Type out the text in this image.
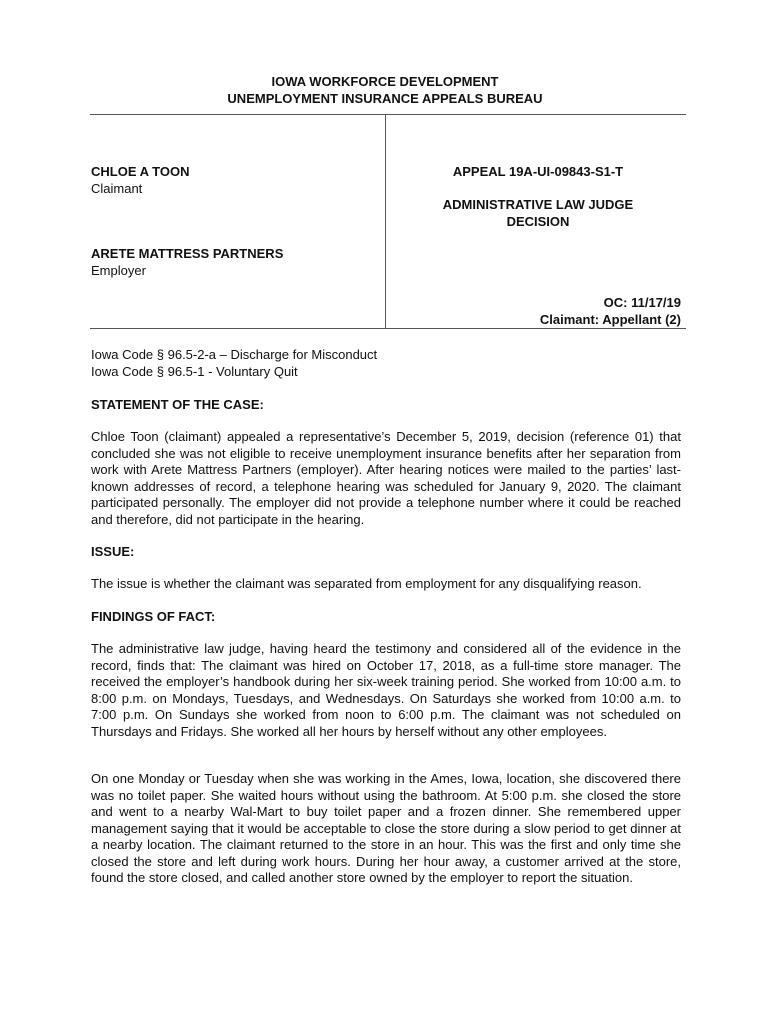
IOWA WORKFORCE DEVELOPMENT
UNEMPLOYMENT INSURANCE APPEALS BUREAU
CHLOE A TOON
Claimant
ARETE MATTRESS PARTNERS
Employer
APPEAL 19A-UI-09843-S1-T
ADMINISTRATIVE LAW JUDGE
DECISION
OC: 11/17/19
Claimant: Appellant (2)
Iowa Code § 96.5-2-a – Discharge for Misconduct
Iowa Code § 96.5-1 - Voluntary Quit
STATEMENT OF THE CASE:

Chloe Toon (claimant) appealed a representative’s December 5, 2019, decision (reference 01) that concluded she was not eligible to receive unemployment insurance benefits after her separation from work with Arete Mattress Partners (employer). After hearing notices were mailed to the parties’ last-known addresses of record, a telephone hearing was scheduled for January 9, 2020. The claimant participated personally. The employer did not provide a telephone number where it could be reached and therefore, did not participate in the hearing.

ISSUE:

The issue is whether the claimant was separated from employment for any disqualifying reason.

FINDINGS OF FACT:

The administrative law judge, having heard the testimony and considered all of the evidence in the record, finds that: The claimant was hired on October 17, 2018, as a full-time store manager. The received the employer’s handbook during her six-week training period. She worked from 10:00 a.m. to 8:00 p.m. on Mondays, Tuesdays, and Wednesdays. On Saturdays she worked from 10:00 a.m. to 7:00 p.m. On Sundays she worked from noon to 6:00 p.m. The claimant was not scheduled on Thursdays and Fridays. She worked all her hours by herself without any other employees.

On one Monday or Tuesday when she was working in the Ames, Iowa, location, she discovered there was no toilet paper. She waited hours without using the bathroom. At 5:00 p.m. she closed the store and went to a nearby Wal-Mart to buy toilet paper and a frozen dinner. She remembered upper management saying that it would be acceptable to close the store during a slow period to get dinner at a nearby location. The claimant returned to the store in an hour. This was the first and only time she closed the store and left during work hours. During her hour away, a customer arrived at the store, found the store closed, and called another store owned by the employer to report the situation.
